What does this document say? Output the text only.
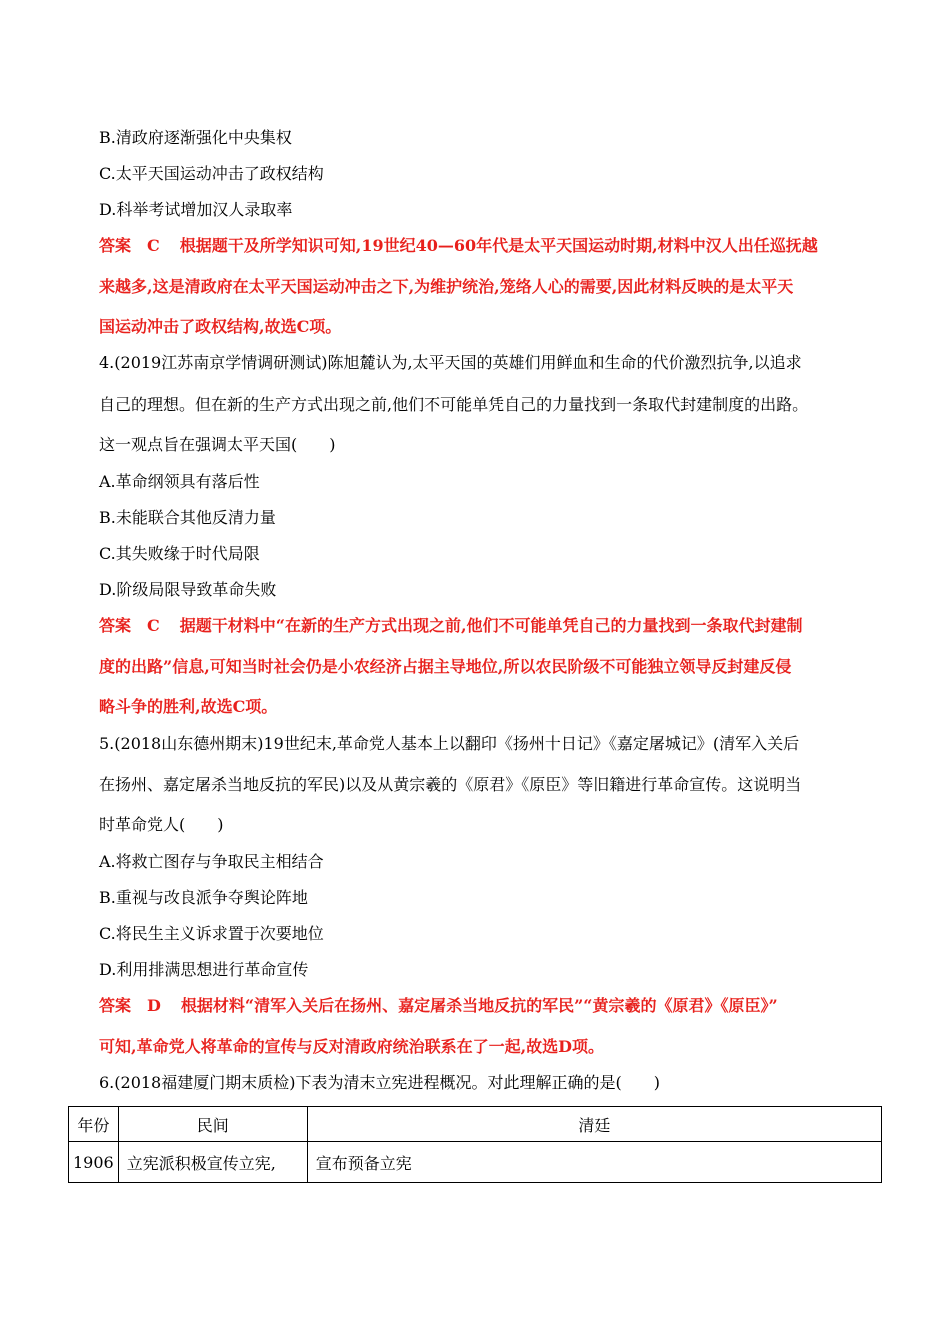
B.清政府逐渐强化中央集权
C.太平天国运动冲击了政权结构
D.科举考试增加汉人录取率
答案 C 根据题干及所学知识可知,19世纪40—60年代是太平天国运动时期,材料中汉人出任巡抚越
来越多,这是清政府在太平天国运动冲击之下,为维护统治,笼络人心的需要,因此材料反映的是太平天
国运动冲击了政权结构,故选C项。
4.(2019江苏南京学情调研测试)陈旭麓认为,太平天国的英雄们用鲜血和生命的代价激烈抗争,以追求
自己的理想。但在新的生产方式出现之前,他们不可能单凭自己的力量找到一条取代封建制度的出路。
这一观点旨在强调太平天国(　　)
A.革命纲领具有落后性
B.未能联合其他反清力量
C.其失败缘于时代局限
D.阶级局限导致革命失败
答案 C 据题干材料中“在新的生产方式出现之前,他们不可能单凭自己的力量找到一条取代封建制
度的出路”信息,可知当时社会仍是小农经济占据主导地位,所以农民阶级不可能独立领导反封建反侵
略斗争的胜利,故选C项。
5.(2018山东德州期末)19世纪末,革命党人基本上以翻印《扬州十日记》《嘉定屠城记》(清军入关后
在扬州、嘉定屠杀当地反抗的军民)以及从黄宗羲的《原君》《原臣》等旧籍进行革命宣传。这说明当
时革命党人(　　)
A.将救亡图存与争取民主相结合
B.重视与改良派争夺舆论阵地
C.将民生主义诉求置于次要地位
D.利用排满思想进行革命宣传
答案 D 根据材料“清军入关后在扬州、嘉定屠杀当地反抗的军民”“黄宗羲的《原君》《原臣》”
可知,革命党人将革命的宣传与反对清政府统治联系在了一起,故选D项。
6.(2018福建厦门期末质检)下表为清末立宪进程概况。对此理解正确的是(　　)
年份	民间	清廷
1906	立宪派积极宣传立宪,	宣布预备立宪
